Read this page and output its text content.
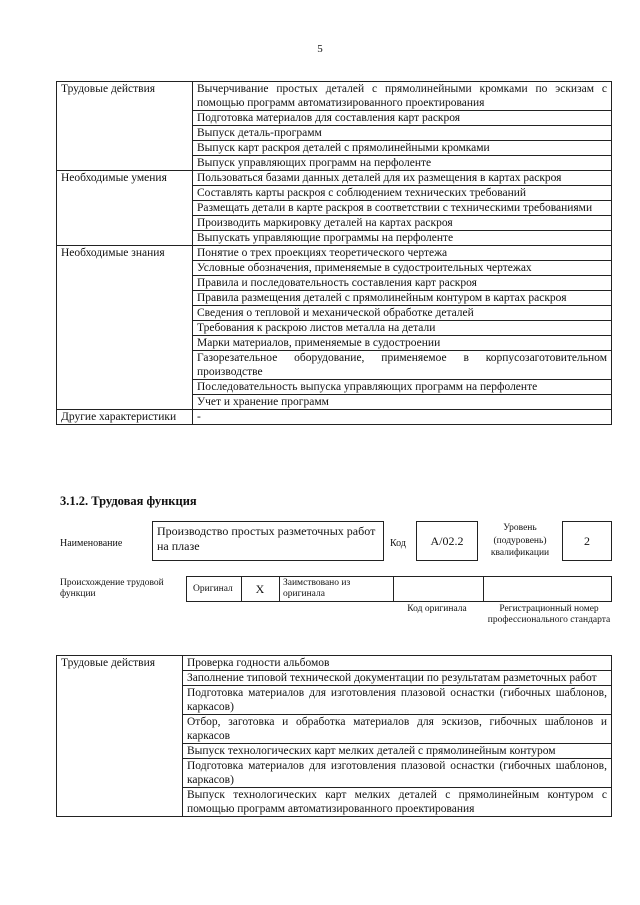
5
Трудовые действия	Вычерчивание простых деталей с прямолинейными кромками по эскизам с помощью программ автоматизированного проектирования
	Подготовка материалов для составления карт раскроя
	Выпуск деталь-программ
	Выпуск карт раскроя деталей с прямолинейными кромками
	Выпуск управляющих программ на перфоленте
Необходимые умения	Пользоваться базами данных деталей для их размещения в картах раскроя
	Составлять карты раскроя с соблюдением технических требований
	Размещать детали в карте раскроя в соответствии с техническими требованиями
	Производить маркировку деталей на картах раскроя
	Выпускать управляющие программы на перфоленте
Необходимые знания	Понятие о трех проекциях теоретического чертежа
	Условные обозначения, применяемые в судостроительных чертежах
	Правила и последовательность составления карт раскроя
	Правила размещения деталей с прямолинейным контуром в картах раскроя
	Сведения о тепловой и механической обработке деталей
	Требования к раскрою листов металла на детали
	Марки материалов, применяемые в судостроении
	Газорезательное оборудование, применяемое в корпусозаготовительном производстве
	Последовательность выпуска управляющих программ на перфоленте
	Учет и хранение программ
Другие характеристики	-
3.1.2. Трудовая функция
Наименование
Производство простых разметочных работ на плазе	Код	A/02.2
Уровень (подуровень) квалификации
2
Происхождение трудовой функции	Оригинал	X	Заимствовано из оригинала
Код оригинала	Регистрационный номер профессионального стандарта
Трудовые действия	Проверка годности альбомов
	Заполнение типовой технической документации по результатам разметочных работ
	Подготовка материалов для изготовления плазовой оснастки (гибочных шаблонов, каркасов)
	Отбор, заготовка и обработка материалов для эскизов, гибочных шаблонов и каркасов
	Выпуск технологических карт мелких деталей с прямолинейным контуром
	Подготовка материалов для изготовления плазовой оснастки (гибочных шаблонов, каркасов)
	Выпуск технологических карт мелких деталей с прямолинейным контуром с помощью программ автоматизированного проектирования
